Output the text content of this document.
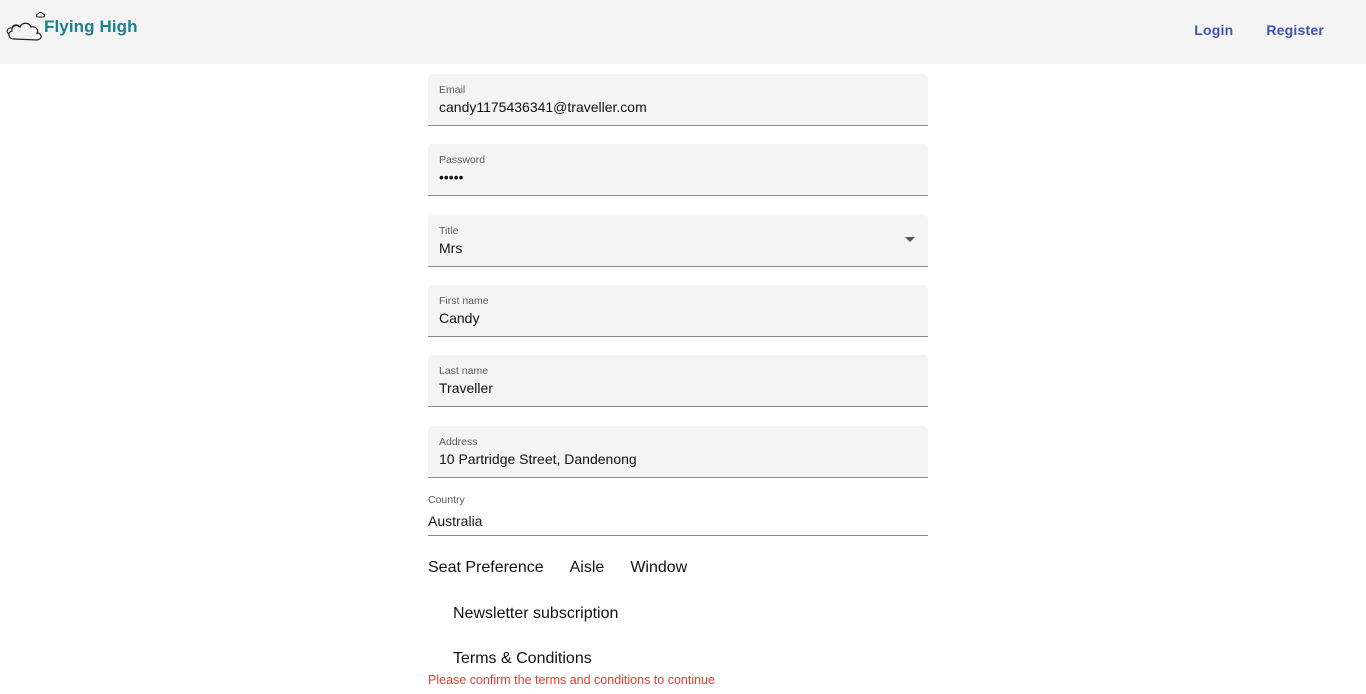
Flying High	Login Register
Email
candy1175436341@traveller.com
Password
•••••
Title
Mrs
First name
Candy
Last name
Traveller
Address
10 Partridge Street, Dandenong
Country
Australia
Seat Preference Aisle Window
Newsletter subscription
Terms & Conditions
Please confirm the terms and conditions to continue
